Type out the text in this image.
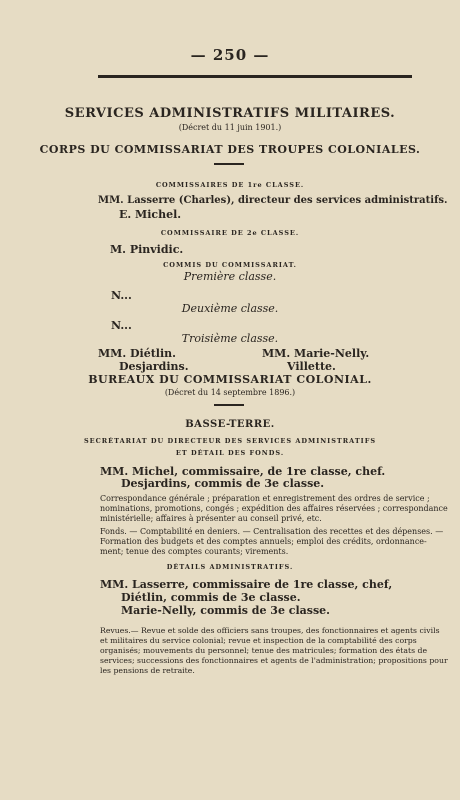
— 250 —
SERVICES ADMINISTRATIFS MILITAIRES.
(Décret du 11 juin 1901.)
CORPS DU COMMISSARIAT DES TROUPES COLONIALES.
COMMISSAIRES DE 1re CLASSE.
MM. Lasserre (Charles), directeur des services administratifs.
E. Michel.
COMMISSAIRE DE 2e CLASSE.
M. Pinvidic.
COMMIS DU COMMISSARIAT.
Première classe.
N...
Deuxième classe.
N...
Troisième classe.
MM. Diétlin.
Desjardins.
MM. Marie-Nelly.
Villette.
BUREAUX DU COMMISSARIAT COLONIAL.
(Décret du 14 septembre 1896.)
BASSE-TERRE.
SECRÉTARIAT DU DIRECTEUR DES SERVICES ADMINISTRATIFS
ET DÉTAIL DES FONDS.
MM. Michel, commissaire, de 1re classe, chef.
Desjardins, commis de 3e classe.
Correspondance générale ; préparation et enregistrement des ordres de service ;
nominations, promotions, congés ; expédition des affaires réservées ; correspondance
ministérielle; affaires à présenter au conseil privé, etc.
Fonds. — Comptabilité en deniers. — Centralisation des recettes et des dépenses. —
Formation des budgets et des comptes annuels; emploi des crédits, ordonnance-
ment; tenue des comptes courants; virements.
DÉTAILS ADMINISTRATIFS.
MM. Lasserre, commissaire de 1re classe, chef,
Diétlin, commis de 3e classe.
Marie-Nelly, commis de 3e classe.
Revues.— Revue et solde des officiers sans troupes, des fonctionnaires et agents civils
et militaires du service colonial; revue et inspection de la comptabilité des corps
organisés; mouvements du personnel; tenue des matricules; formation des états de
services; successions des fonctionnaires et agents de l'administration; propositions pour
les pensions de retraite.
